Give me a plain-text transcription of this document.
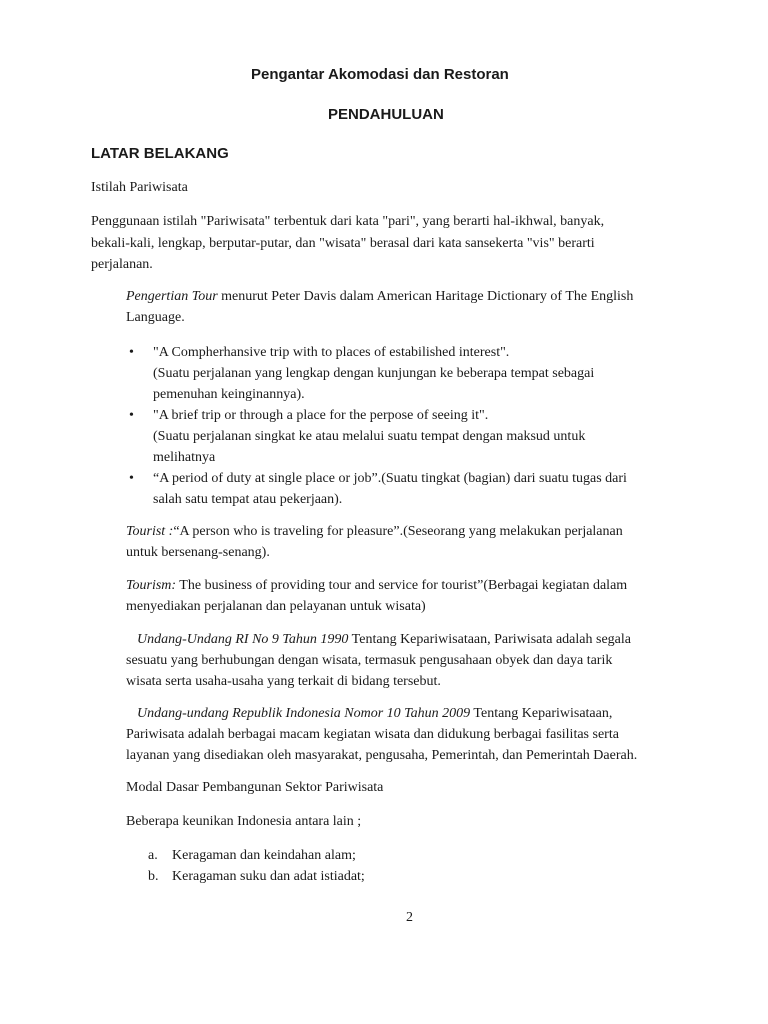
Pengantar Akomodasi dan Restoran
PENDAHULUAN
LATAR BELAKANG
Istilah Pariwisata
Penggunaan istilah "Pariwisata" terbentuk dari kata "pari", yang berarti hal-ikhwal, banyak,
bekali-kali, lengkap, berputar-putar, dan "wisata" berasal dari kata sansekerta "vis" berarti
perjalanan.
Pengertian Tour menurut Peter Davis dalam American Haritage Dictionary of The English
Language.
• "A Compherhansive trip with to places of estabilished interest".
(Suatu perjalanan yang lengkap dengan kunjungan ke beberapa tempat sebagai
pemenuhan keinginannya).
• "A brief trip or through a place for the perpose of seeing it".
(Suatu perjalanan singkat ke atau melalui suatu tempat dengan maksud untuk
melihatnya
• “A period of duty at single place or job”.(Suatu tingkat (bagian) dari suatu tugas dari
salah satu tempat atau pekerjaan).
Tourist :“A person who is traveling for pleasure”.(Seseorang yang melakukan perjalanan
untuk bersenang-senang).
Tourism: The business of providing tour and service for tourist”(Berbagai kegiatan dalam
menyediakan perjalanan dan pelayanan untuk wisata)
Undang-Undang RI No 9 Tahun 1990 Tentang Kepariwisataan, Pariwisata adalah segala
sesuatu yang berhubungan dengan wisata, termasuk pengusahaan obyek dan daya tarik
wisata serta usaha-usaha yang terkait di bidang tersebut.
Undang-undang Republik Indonesia Nomor 10 Tahun 2009 Tentang Kepariwisataan,
Pariwisata adalah berbagai macam kegiatan wisata dan didukung berbagai fasilitas serta
layanan yang disediakan oleh masyarakat, pengusaha, Pemerintah, dan Pemerintah Daerah.
Modal Dasar Pembangunan Sektor Pariwisata
Beberapa keunikan Indonesia antara lain ;
a. Keragaman dan keindahan alam;
b. Keragaman suku dan adat istiadat;
2
